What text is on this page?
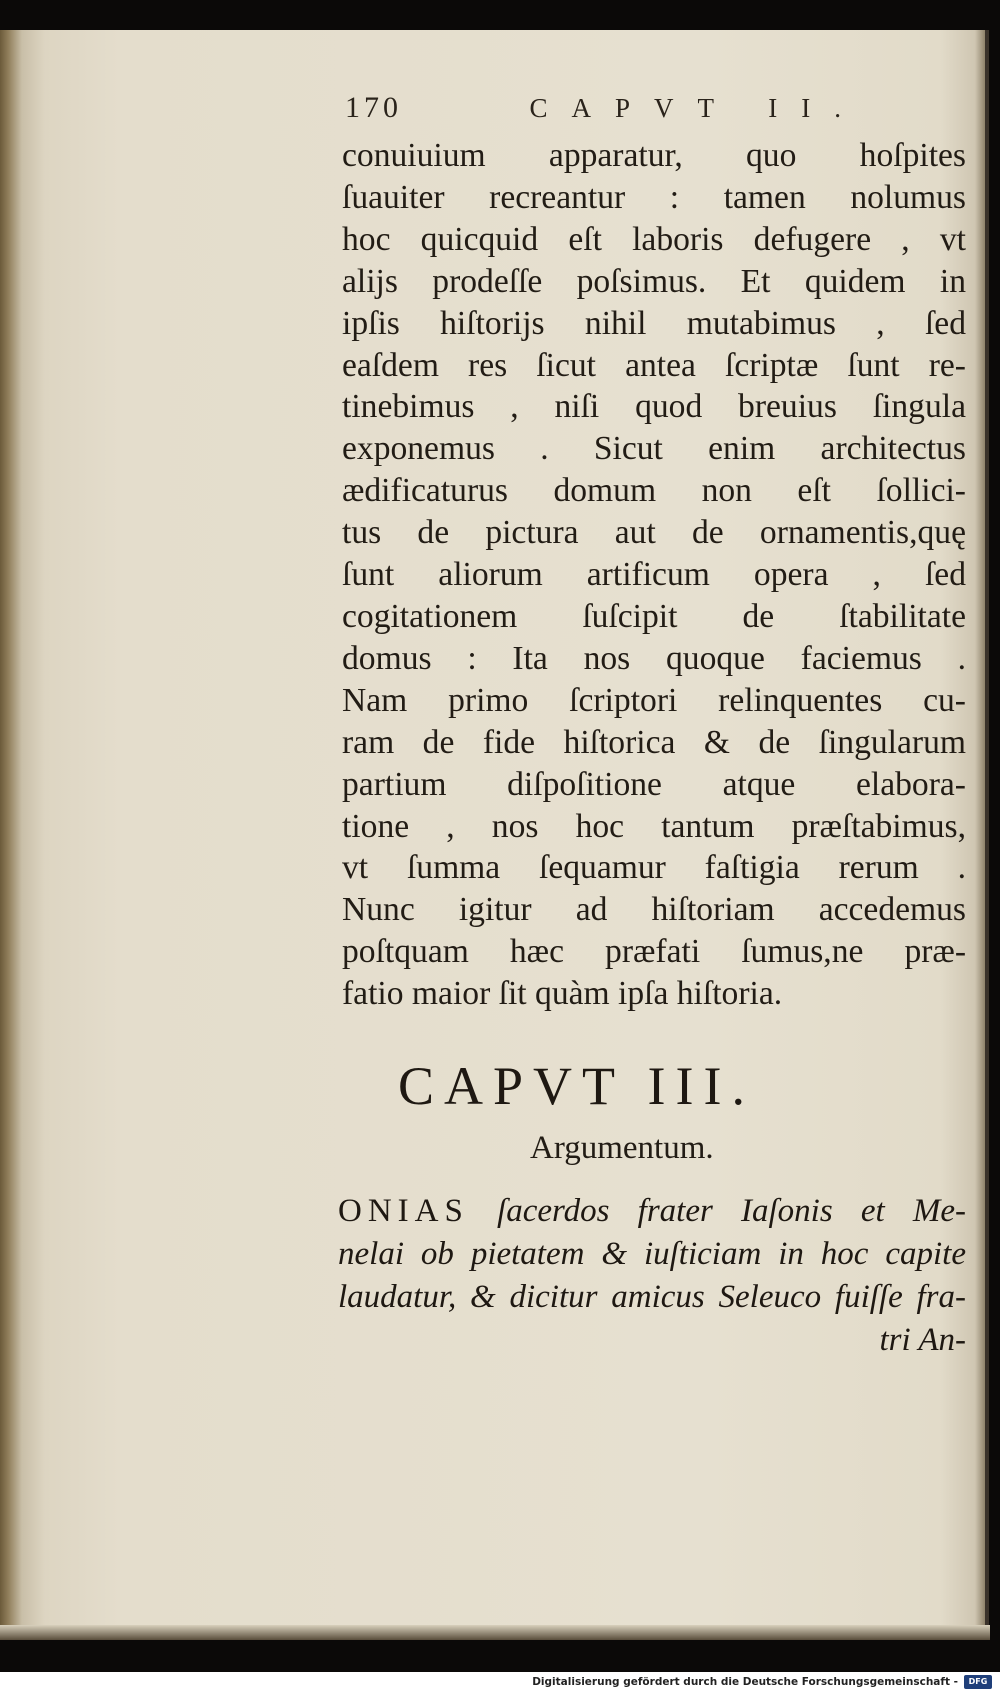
170	CAPVT II.
conuiuium apparatur, quo hoſpites
ſuauiter recreantur : tamen nolumus
hoc quicquid eſt laboris defugere , vt
alijs prodeſſe poſsimus. Et quidem in
ipſis hiſtorijs nihil mutabimus , ſed
eaſdem res ſicut antea ſcriptæ ſunt re-
tinebimus , niſi quod breuius ſingula
exponemus . Sicut enim architectus
ædificaturus domum non eſt ſollici-
tus de pictura aut de ornamentis,quę
ſunt aliorum artificum opera , ſed
cogitationem ſuſcipit de ſtabilitate
domus : Ita nos quoque faciemus .
Nam primo ſcriptori relinquentes cu-
ram de fide hiſtorica & de ſingularum
partium diſpoſitione atque elabora-
tione , nos hoc tantum præſtabimus,
vt ſumma ſequamur faſtigia rerum .
Nunc igitur ad hiſtoriam accedemus
poſtquam hæc præfati ſumus,ne præ-
fatio maior ſit quàm ipſa hiſtoria.
CAPVT III.
Argumentum.
ONIAS ſacerdos frater Iaſonis et Me-
nelai ob pietatem & iuſticiam in hoc capite
laudatur, & dicitur amicus Seleuco fuiſſe fra-
tri An-
Digitalisierung gefördert durch die Deutsche Forschungsgemeinschaft -	DFG
